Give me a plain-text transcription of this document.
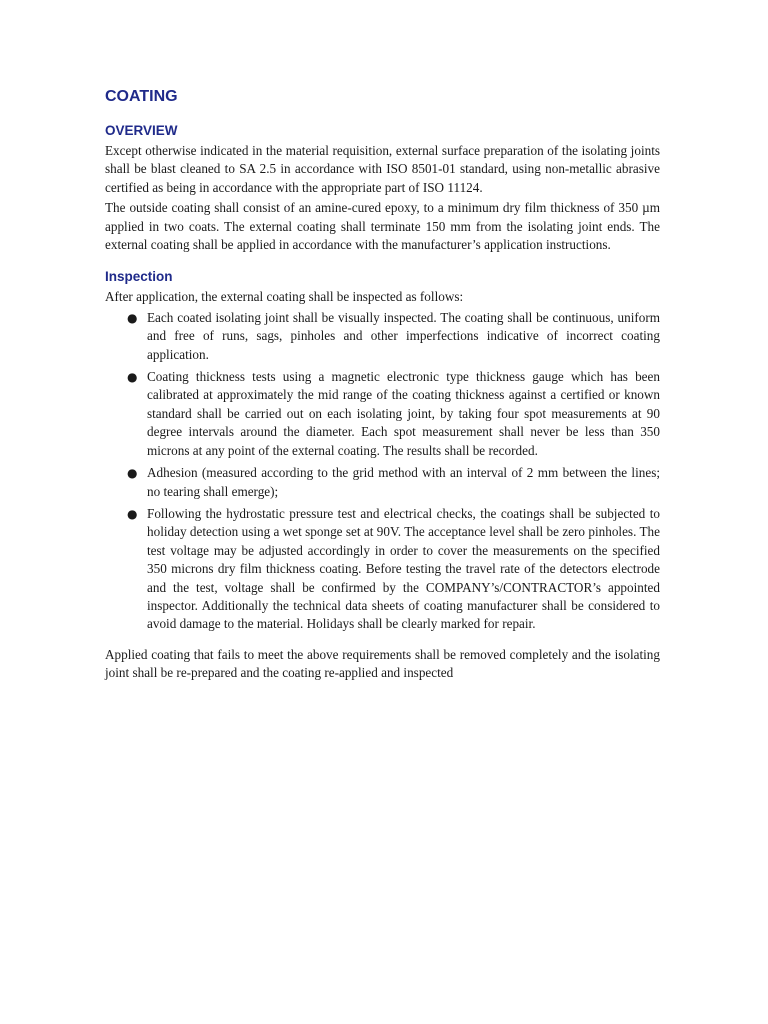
COATING
OVERVIEW

Except otherwise indicated in the material requisition, external surface preparation of the isolating joints shall be blast cleaned to SA 2.5 in accordance with ISO 8501-01 standard, using non-metallic abrasive certified as being in accordance with the appropriate part of ISO 11124.

The outside coating shall consist of an amine-cured epoxy, to a minimum dry film thickness of 350 µm applied in two coats. The external coating shall terminate 150 mm from the isolating joint ends. The external coating shall be applied in accordance with the manufacturer’s application instructions.

Inspection

After application, the external coating shall be inspected as follows:

● Each coated isolating joint shall be visually inspected. The coating shall be continuous, uniform and free of runs, sags, pinholes and other imperfections indicative of incorrect coating application.
● Coating thickness tests using a magnetic electronic type thickness gauge which has been calibrated at approximately the mid range of the coating thickness against a certified or known standard shall be carried out on each isolating joint, by taking four spot measurements at 90 degree intervals around the diameter. Each spot measurement shall never be less than 350 microns at any point of the external coating. The results shall be recorded.
● Adhesion (measured according to the grid method with an interval of 2 mm between the lines; no tearing shall emerge);
● Following the hydrostatic pressure test and electrical checks, the coatings shall be subjected to holiday detection using a wet sponge set at 90V. The acceptance level shall be zero pinholes. The test voltage may be adjusted accordingly in order to cover the measurements on the specified 350 microns dry film thickness coating. Before testing the travel rate of the detectors electrode and the test, voltage shall be confirmed by the COMPANY’s/CONTRACTOR’s appointed inspector. Additionally the technical data sheets of coating manufacturer shall be considered to avoid damage to the material. Holidays shall be clearly marked for repair.

Applied coating that fails to meet the above requirements shall be removed completely and the isolating joint shall be re-prepared and the coating re-applied and inspected
